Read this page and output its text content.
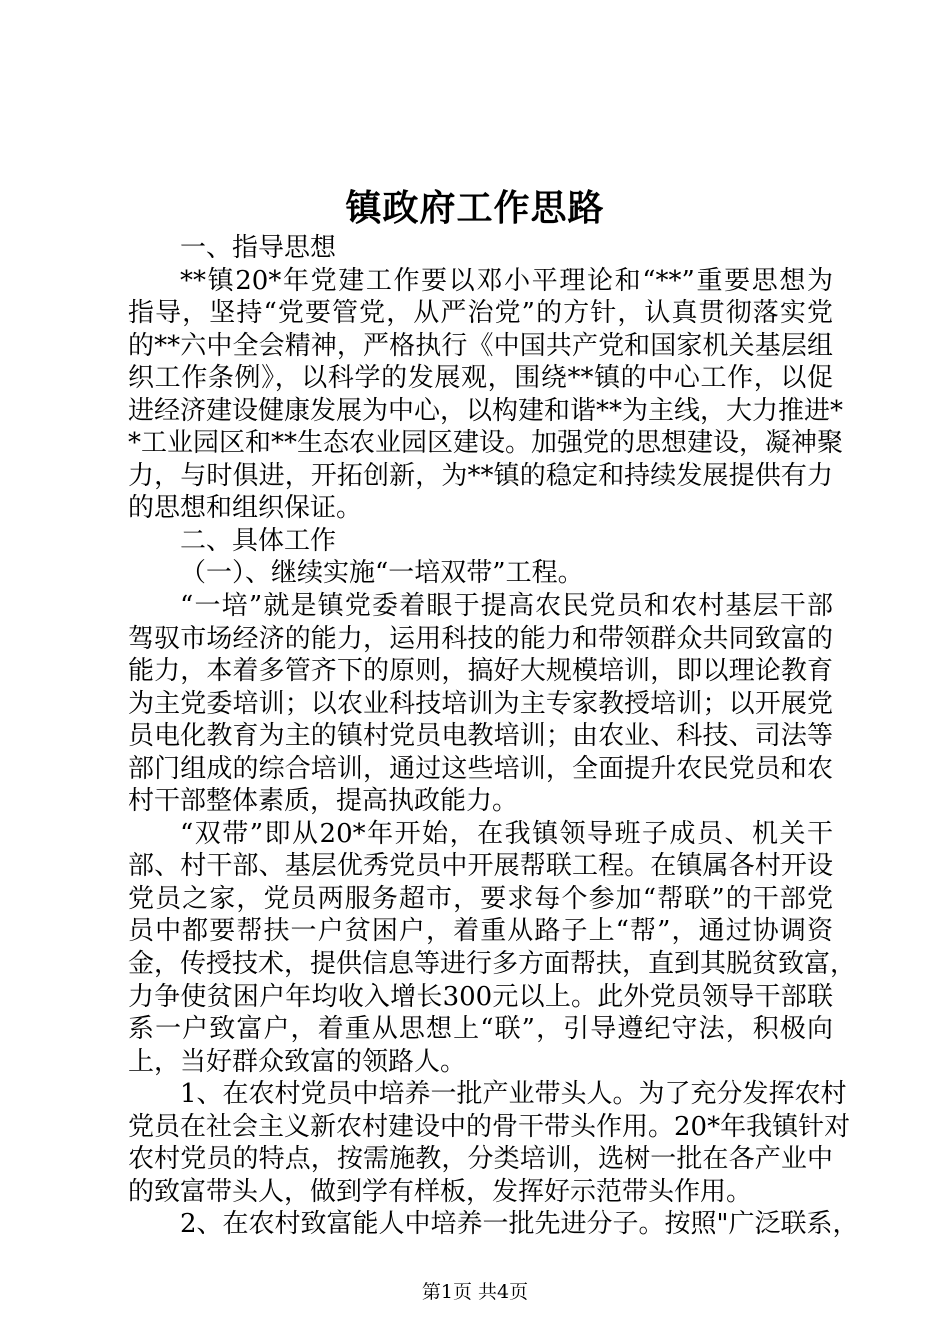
镇政府工作思路
一、指导思想
**镇20*年党建工作要以邓小平理论和“**”重要思想为
指导，坚持“党要管党，从严治党”的方针，认真贯彻落实党
的**六中全会精神，严格执行《中国共产党和国家机关基层组
织工作条例》，以科学的发展观，围绕**镇的中心工作，以促
进经济建设健康发展为中心，以构建和谐**为主线，大力推进*
*工业园区和**生态农业园区建设。加强党的思想建设，凝神聚
力，与时俱进，开拓创新，为**镇的稳定和持续发展提供有力
的思想和组织保证。
二、具体工作
（一）、继续实施“一培双带”工程。
“一培”就是镇党委着眼于提高农民党员和农村基层干部
驾驭市场经济的能力，运用科技的能力和带领群众共同致富的
能力，本着多管齐下的原则，搞好大规模培训，即以理论教育
为主党委培训；以农业科技培训为主专家教授培训；以开展党
员电化教育为主的镇村党员电教培训；由农业、科技、司法等
部门组成的综合培训，通过这些培训，全面提升农民党员和农
村干部整体素质，提高执政能力。
“双带”即从20*年开始，在我镇领导班子成员、机关干
部、村干部、基层优秀党员中开展帮联工程。在镇属各村开设
党员之家，党员两服务超市，要求每个参加“帮联”的干部党
员中都要帮扶一户贫困户，着重从路子上“帮”，通过协调资
金，传授技术，提供信息等进行多方面帮扶，直到其脱贫致富，
力争使贫困户年均收入增长300元以上。此外党员领导干部联
系一户致富户，着重从思想上“联”，引导遵纪守法，积极向
上，当好群众致富的领路人。
1、在农村党员中培养一批产业带头人。为了充分发挥农村
党员在社会主义新农村建设中的骨干带头作用。20*年我镇针对
农村党员的特点，按需施教，分类培训，选树一批在各产业中
的致富带头人，做到学有样板，发挥好示范带头作用。
2、在农村致富能人中培养一批先进分子。按照"广泛联系，
第1页 共4页
